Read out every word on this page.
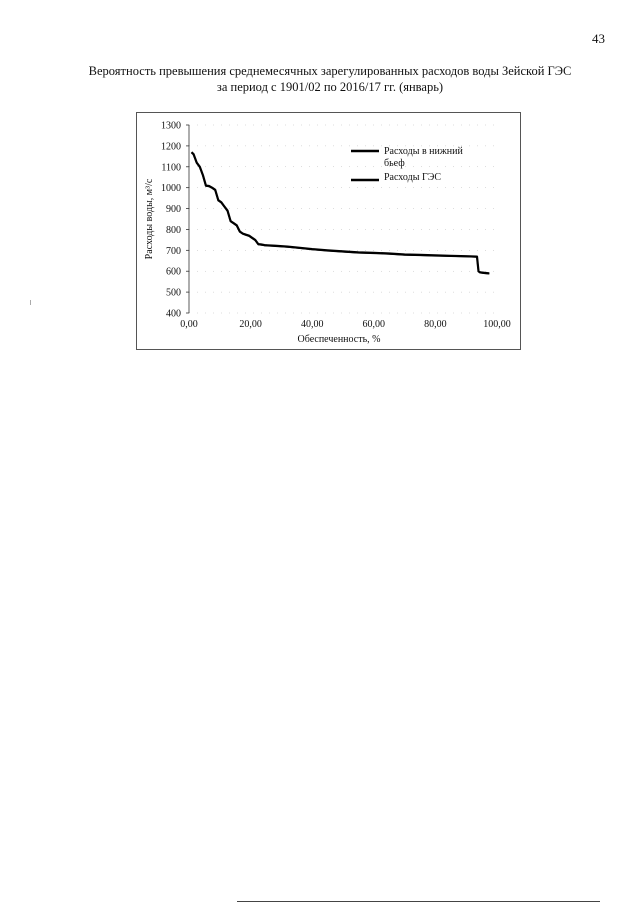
43
Вероятность превышения среднемесячных зарегулированных расходов воды Зейской ГЭС
за период с 1901/02 по 2016/17 гг. (январь)
400
500
600
700
800
900
1000
1100
1200
1300
0,00	20,00	40,00	60,00	80,00	100,00
Расходы воды, м³/с
Обеспеченность, %
Расходы в нижний
бьеф
Расходы ГЭС
